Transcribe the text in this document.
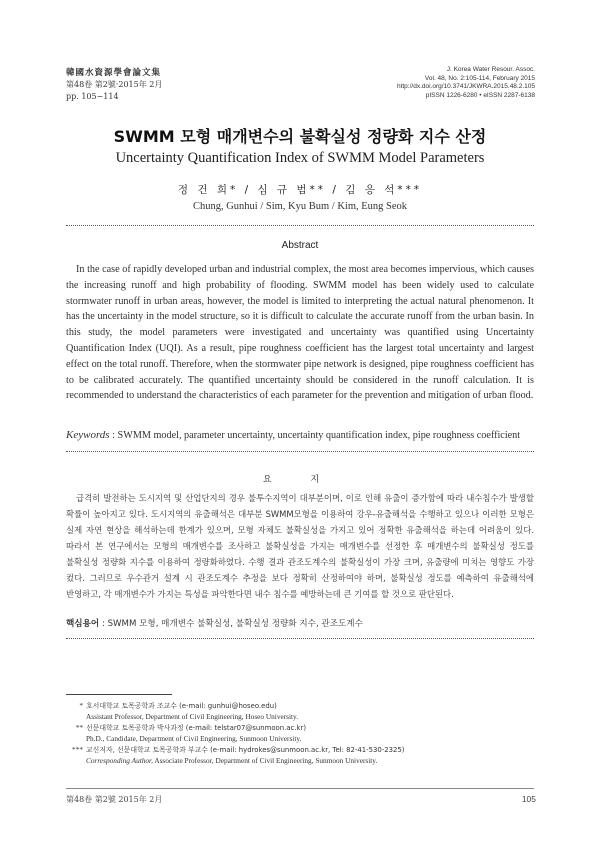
韓國水資源學會論文集
第48卷 第2號·2015年 2月
pp. 105~114
J. Korea Water Resour. Assoc.
Vol. 48, No. 2:105-114, February 2015
http://dx.doi.org/10.3741/JKWRA.2015.48.2.105
pISSN 1226-6280 • eISSN 2287-6138
SWMM 모형 매개변수의 불확실성 정량화 지수 산정
Uncertainty Quantification Index of SWMM Model Parameters
정 건 희* / 심 규 범** / 김 응 석***
Chung, Gunhui / Sim, Kyu Bum / Kim, Eung Seok
Abstract
In the case of rapidly developed urban and industrial complex, the most area becomes impervious, which causes the increasing runoff and high probability of flooding. SWMM model has been widely used to calculate stormwater runoff in urban areas, however, the model is limited to interpreting the actual natural phenomenon. It has the uncertainty in the model structure, so it is difficult to calculate the accurate runoff from the urban basin. In this study, the model parameters were investigated and uncertainty was quantified using Uncertainty Quantification Index (UQI). As a result, pipe roughness coefficient has the largest total uncertainty and largest effect on the total runoff. Therefore, when the stormwater pipe network is designed, pipe roughness coefficient has to be calibrated accurately. The quantified uncertainty should be considered in the runoff calculation. It is recommended to understand the characteristics of each parameter for the prevention and mitigation of urban flood.
Keywords : SWMM model, parameter uncertainty, uncertainty quantification index, pipe roughness coefficient
요 지
급격히 발전하는 도시지역 및 산업단지의 경우 불투수지역이 대부분이며, 이로 인해 유출이 증가함에 따라 내수침수가 발생할 확률이 높아지고 있다. 도시지역의 유출해석은 대부분 SWMM모형을 이용하여 강우-유출해석을 수행하고 있으나 이러한 모형은 실제 자연 현상을 해석하는데 한계가 있으며, 모형 자체도 불확실성을 가지고 있어 정확한 유출해석을 하는데 어려움이 있다. 따라서 본 연구에서는 모형의 매개변수를 조사하고 불확실성을 가지는 매개변수를 선정한 후 매개변수의 불확실성 정도를 불확실성 정량화 지수를 이용하여 정량화하였다. 수행 결과 관조도계수의 불확실성이 가장 크며, 유출량에 미치는 영향도 가장 컸다. 그러므로 우수관거 설계 시 관조도계수 추정을 보다 정확히 산정하여야 하며, 불확실성 정도를 예측하여 유출해석에 반영하고, 각 매개변수가 가지는 특성을 파악한다면 내수 침수를 예방하는데 큰 기여를 할 것으로 판단된다.
핵심용어 : SWMM 모형, 매개변수 불확실성, 불확실성 정량화 지수, 관조도계수
* 호서대학교 토목공학과 조교수 (e-mail: gunhui@hoseo.edu)
Assistant Professor, Department of Civil Engineering, Hoseo University.
** 선문대학교 토목공학과 박사과정 (e-mail: telstar07@sunmoon.ac.kr)
Ph.D., Candidate, Department of Civil Engineering, Sunmoon University.
*** 교신저자, 선문대학교 토목공학과 부교수 (e-mail: hydrokes@sunmoon.ac.kr, Tel: 82-41-530-2325)
Corresponding Author, Associate Professor, Department of Civil Engineering, Sunmoon University.
第48卷 第2號 2015年 2月	105
